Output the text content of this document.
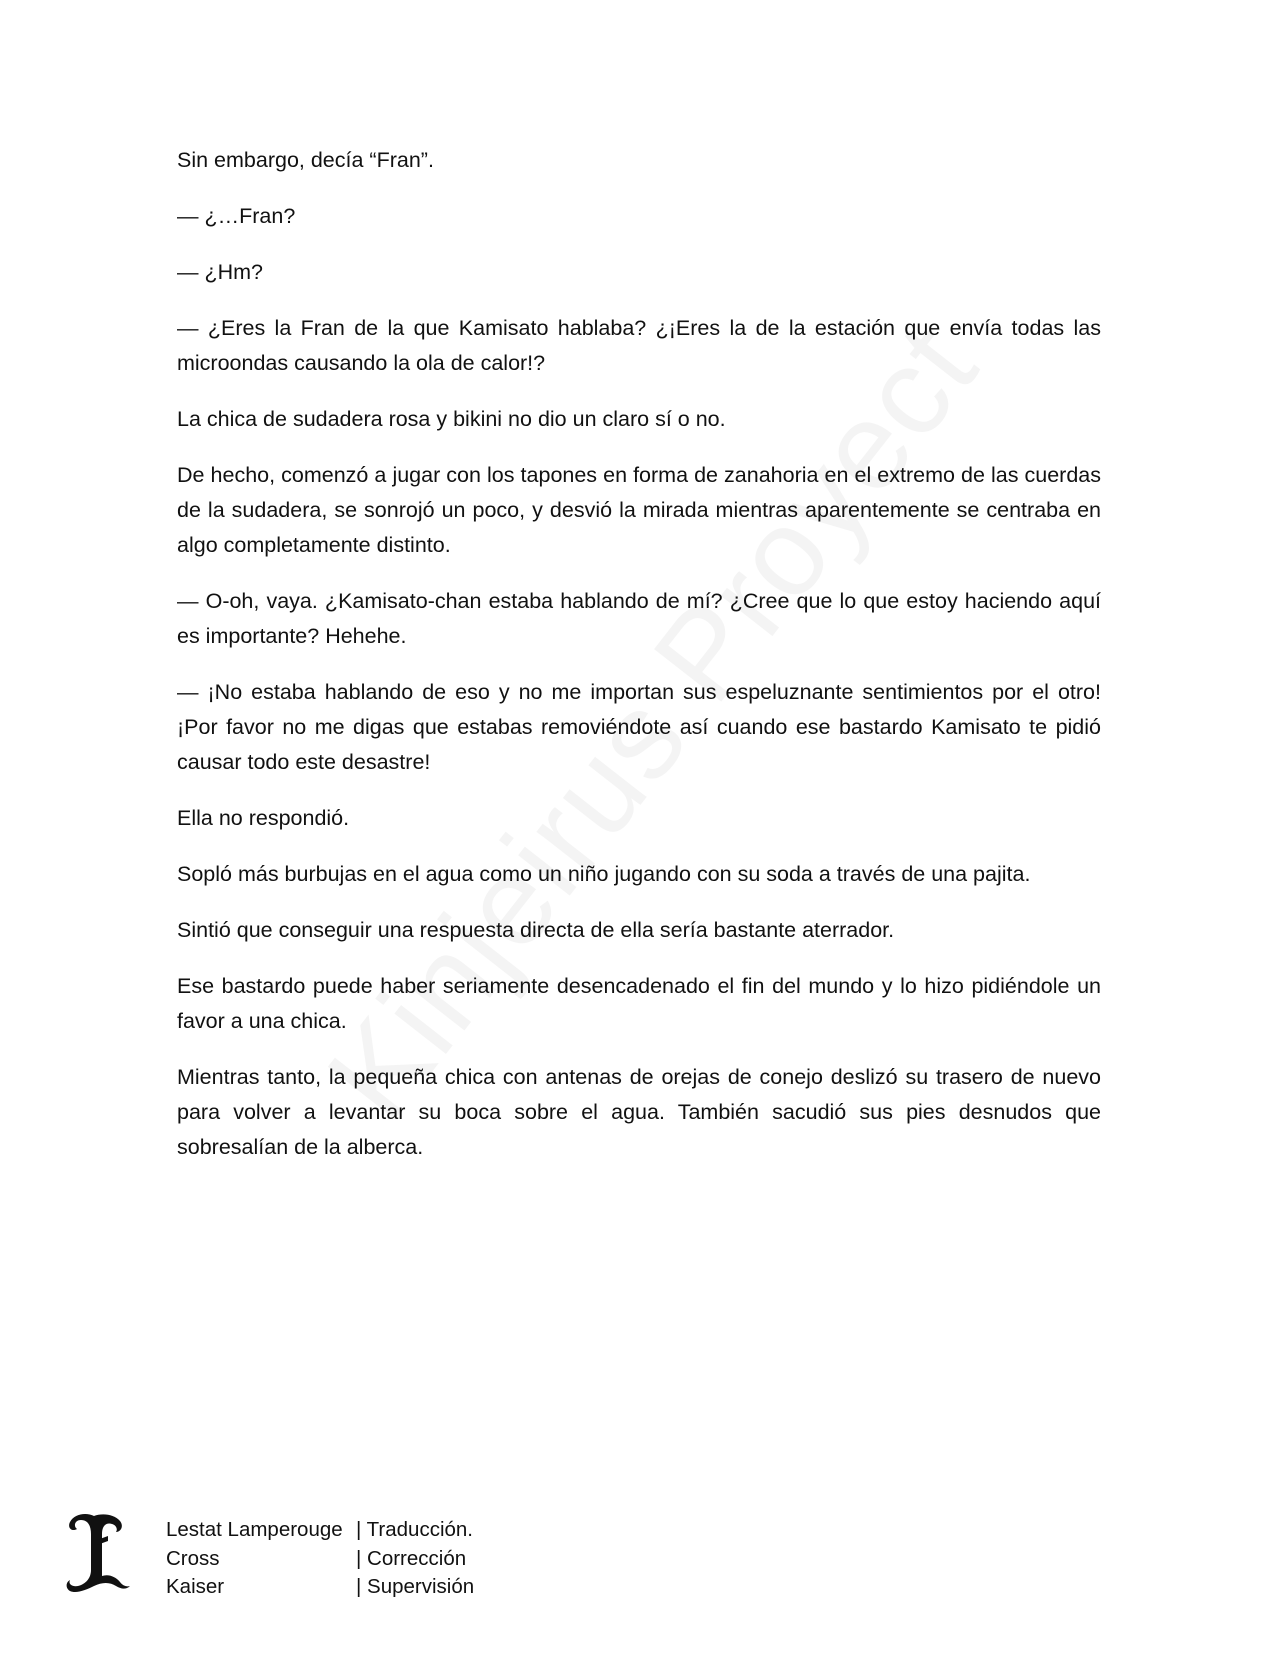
Sin embargo, decía “Fran”.

— ¿…Fran?

— ¿Hm?

— ¿Eres la Fran de la que Kamisato hablaba? ¿¡Eres la de la estación que envía todas las microondas causando la ola de calor!?

La chica de sudadera rosa y bikini no dio un claro sí o no.

De hecho, comenzó a jugar con los tapones en forma de zanahoria en el extremo de las cuerdas de la sudadera, se sonrojó un poco, y desvió la mirada mientras aparentemente se centraba en algo completamente distinto.

— O-oh, vaya. ¿Kamisato-chan estaba hablando de mí? ¿Cree que lo que estoy haciendo aquí es importante? Hehehe.

— ¡No estaba hablando de eso y no me importan sus espeluznante sentimientos por el otro! ¡Por favor no me digas que estabas removiéndote así cuando ese bastardo Kamisato te pidió causar todo este desastre!

Ella no respondió.

Sopló más burbujas en el agua como un niño jugando con su soda a través de una pajita.

Sintió que conseguir una respuesta directa de ella sería bastante aterrador.

Ese bastardo puede haber seriamente desencadenado el fin del mundo y lo hizo pidiéndole un favor a una chica.

Mientras tanto, la pequeña chica con antenas de orejas de conejo deslizó su trasero de nuevo para volver a levantar su boca sobre el agua. También sacudió sus pies desnudos que sobresalían de la alberca.

Lestat Lamperouge | Traducción.
Cross	| Corrección
Kaiser	| Supervisión
